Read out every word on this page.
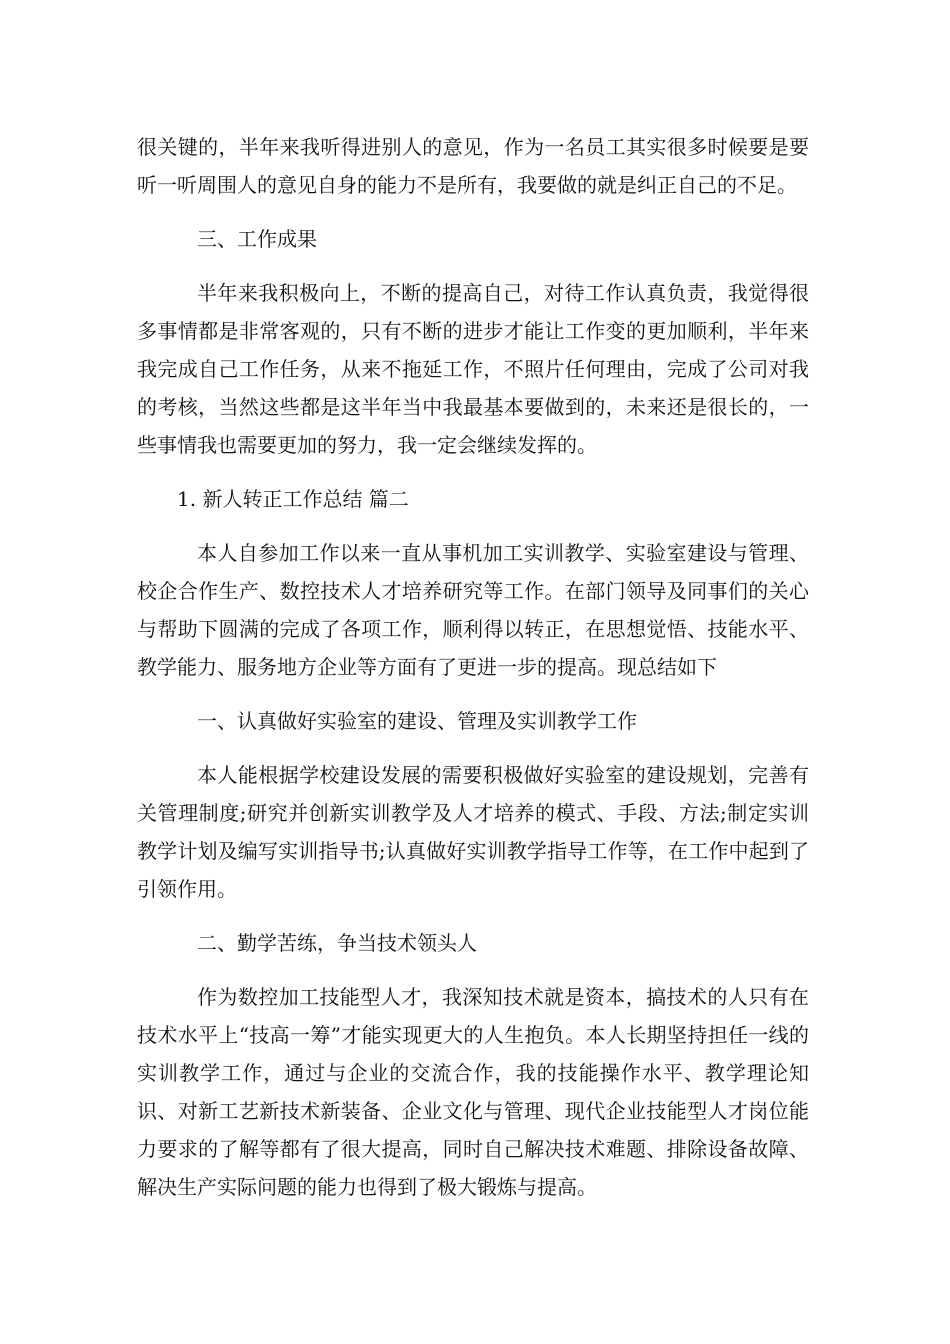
很关键的，半年来我听得进别人的意见，作为一名员工其实很多时候要是要听一听周围人的意见自身的能力不是所有，我要做的就是纠正自己的不足。

三、工作成果

半年来我积极向上，不断的提高自己，对待工作认真负责，我觉得很多事情都是非常客观的，只有不断的进步才能让工作变的更加顺利，半年来我完成自己工作任务，从来不拖延工作，不照片任何理由，完成了公司对我的考核，当然这些都是这半年当中我最基本要做到的，未来还是很长的，一些事情我也需要更加的努力，我一定会继续发挥的。

1. 新人转正工作总结 篇二

本人自参加工作以来一直从事机加工实训教学、实验室建设与管理、校企合作生产、数控技术人才培养研究等工作。在部门领导及同事们的关心与帮助下圆满的完成了各项工作，顺利得以转正，在思想觉悟、技能水平、教学能力、服务地方企业等方面有了更进一步的提高。现总结如下

一、认真做好实验室的建设、管理及实训教学工作

本人能根据学校建设发展的需要积极做好实验室的建设规划，完善有关管理制度;研究并创新实训教学及人才培养的模式、手段、方法;制定实训教学计划及编写实训指导书;认真做好实训教学指导工作等，在工作中起到了引领作用。

二、勤学苦练，争当技术领头人

作为数控加工技能型人才，我深知技术就是资本，搞技术的人只有在技术水平上“技高一筹”才能实现更大的人生抱负。本人长期坚持担任一线的实训教学工作，通过与企业的交流合作，我的技能操作水平、教学理论知识、对新工艺新技术新装备、企业文化与管理、现代企业技能型人才岗位能力要求的了解等都有了很大提高，同时自己解决技术难题、排除设备故障、解决生产实际问题的能力也得到了极大锻炼与提高。
